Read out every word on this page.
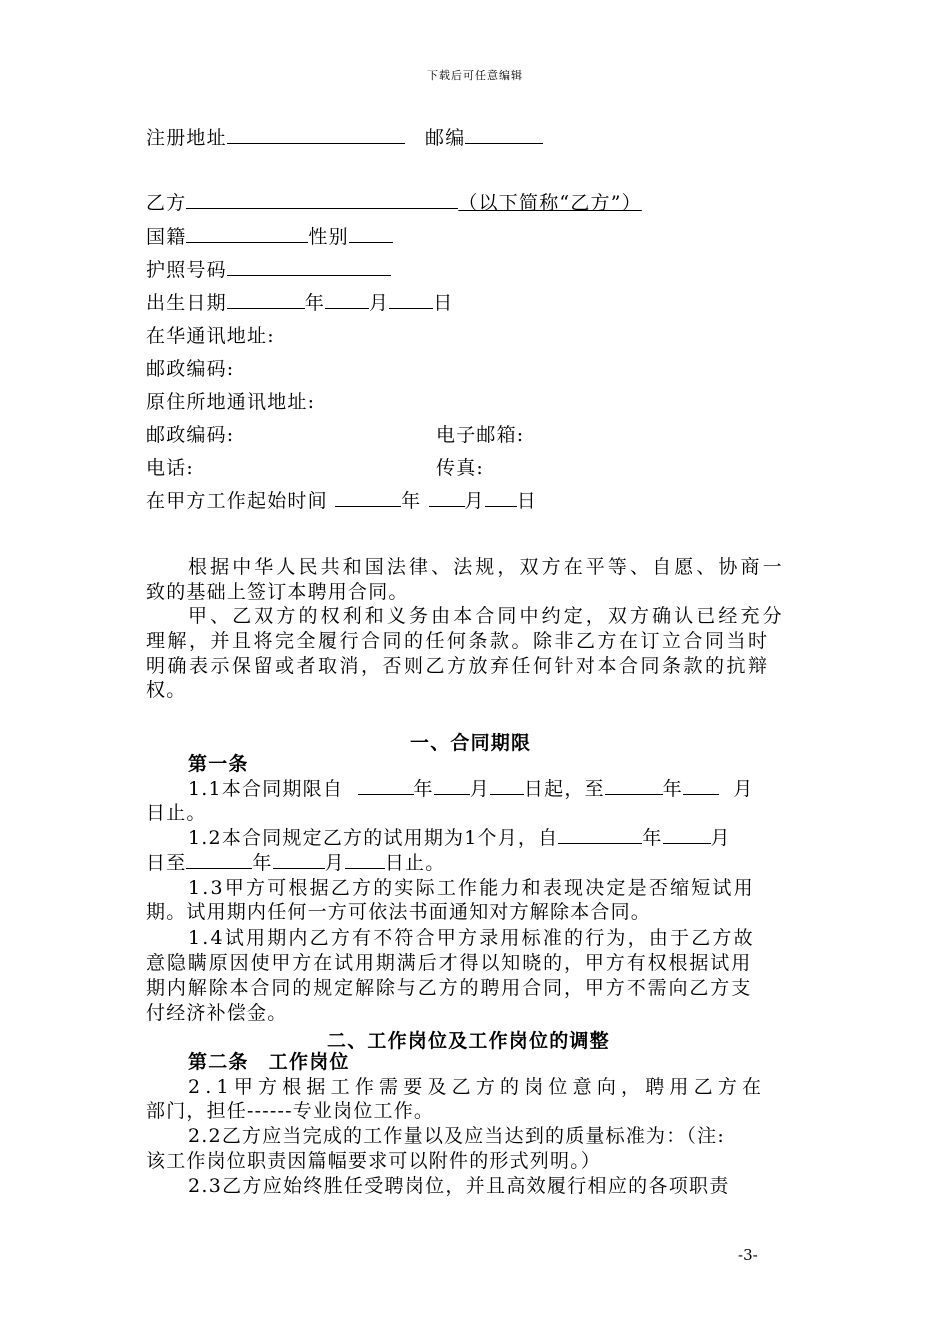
下载后可任意编辑
注册地址　	邮编
乙方	（以下简称“乙方”）
国籍	性别
护照号码
出生日期	年 月 日
在华通讯地址:
邮政编码:
原住所地通讯地址:
邮政编码:	电子邮箱:
电话:	传真:
在甲方工作起始时间	年 月 日
根据中华人民共和国法律、法规，双方在平等、自愿、协商一
致的基础上签订本聘用合同。
甲、乙双方的权利和义务由本合同中约定，双方确认已经充分
理解，并且将完全履行合同的任何条款。除非乙方在订立合同当时
明确表示保留或者取消，否则乙方放弃任何针对本合同条款的抗辩
权。
一、合同期限
第一条
1.1本合同期限自	年 月 日起，至	年	月
日止。
1.2本合同规定乙方的试用期为1个月，自	年	月
日至	年	月 日止。
1.3甲方可根据乙方的实际工作能力和表现决定是否缩短试用
期。试用期内任何一方可依法书面通知对方解除本合同。
1.4试用期内乙方有不符合甲方录用标准的行为，由于乙方故
意隐瞒原因使甲方在试用期满后才得以知晓的，甲方有权根据试用
期内解除本合同的规定解除与乙方的聘用合同，甲方不需向乙方支
付经济补偿金。
二、工作岗位及工作岗位的调整
第二条　工作岗位
2.1甲方根据工作需要及乙方的岗位意向，聘用乙方在
部门，担任------专业岗位工作。
2.2乙方应当完成的工作量以及应当达到的质量标准为：（注:
该工作岗位职责因篇幅要求可以附件的形式列明。）
2.3乙方应始终胜任受聘岗位，并且高效履行相应的各项职责
-3-
